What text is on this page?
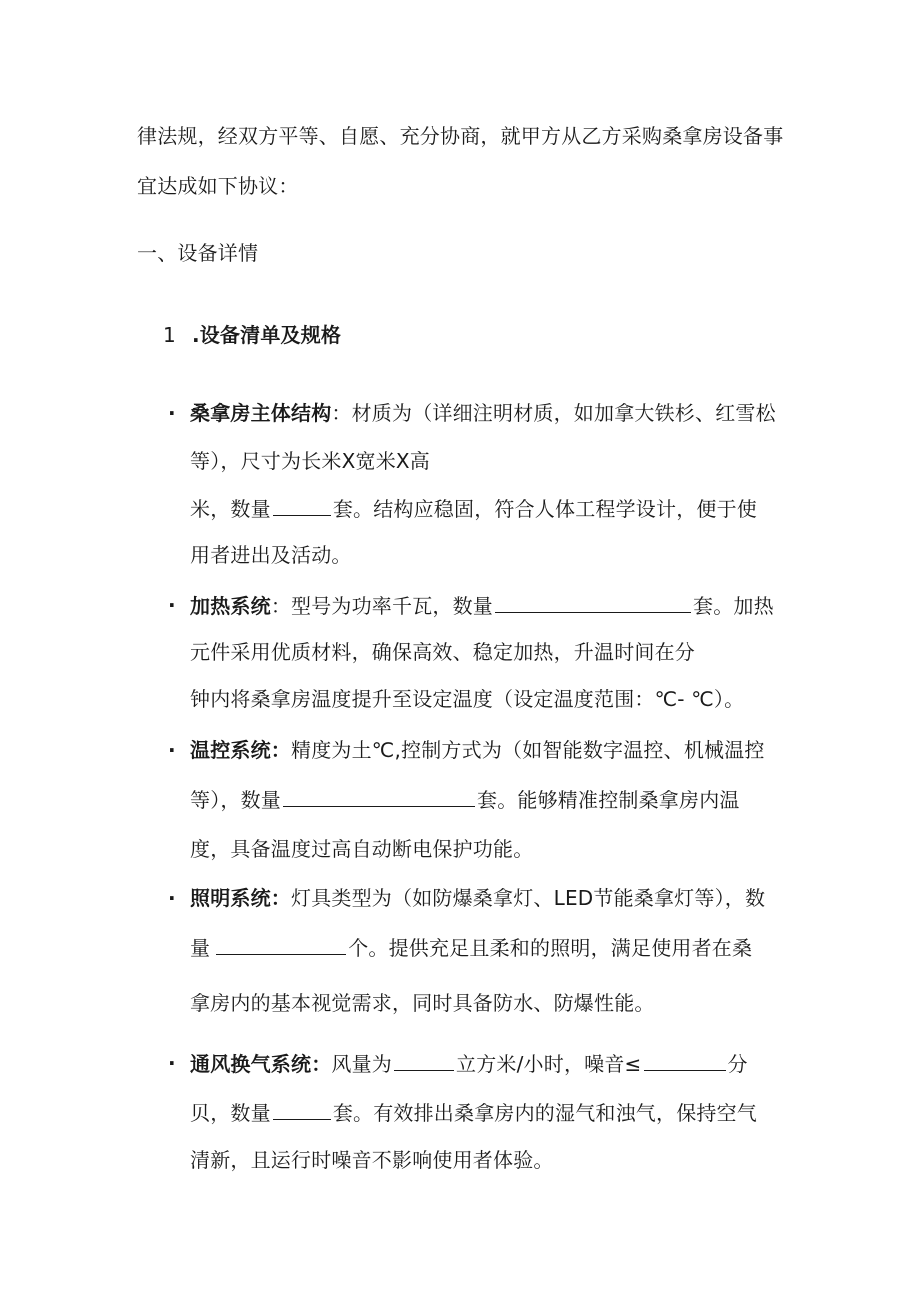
律法规，经双方平等、自愿、充分协商，就甲方从乙方采购桑拿房设备事
宜达成如下协议：
一、设备详情
1 .设备清单及规格
· 桑拿房主体结构：材质为（详细注明材质，如加拿大铁杉、红雪松
等），尺寸为长米X宽米X高
米，数量	套。结构应稳固，符合人体工程学设计，便于使
用者进出及活动。
· 加热系统：型号为功率千瓦，数量	套。加热
元件采用优质材料，确保高效、稳定加热，升温时间在分
钟内将桑拿房温度提升至设定温度（设定温度范围：℃- ℃）。
· 温控系统：精度为土℃,控制方式为（如智能数字温控、机械温控
等），数量	套。能够精准控制桑拿房内温
度，具备温度过高自动断电保护功能。
· 照明系统：灯具类型为（如防爆桑拿灯、LED节能桑拿灯等），数
量	个。提供充足且柔和的照明，满足使用者在桑
拿房内的基本视觉需求，同时具备防水、防爆性能。
· 通风换气系统：风量为	立方米/小时，噪音≤	分
贝，数量	套。有效排出桑拿房内的湿气和浊气，保持空气
清新，且运行时噪音不影响使用者体验。
